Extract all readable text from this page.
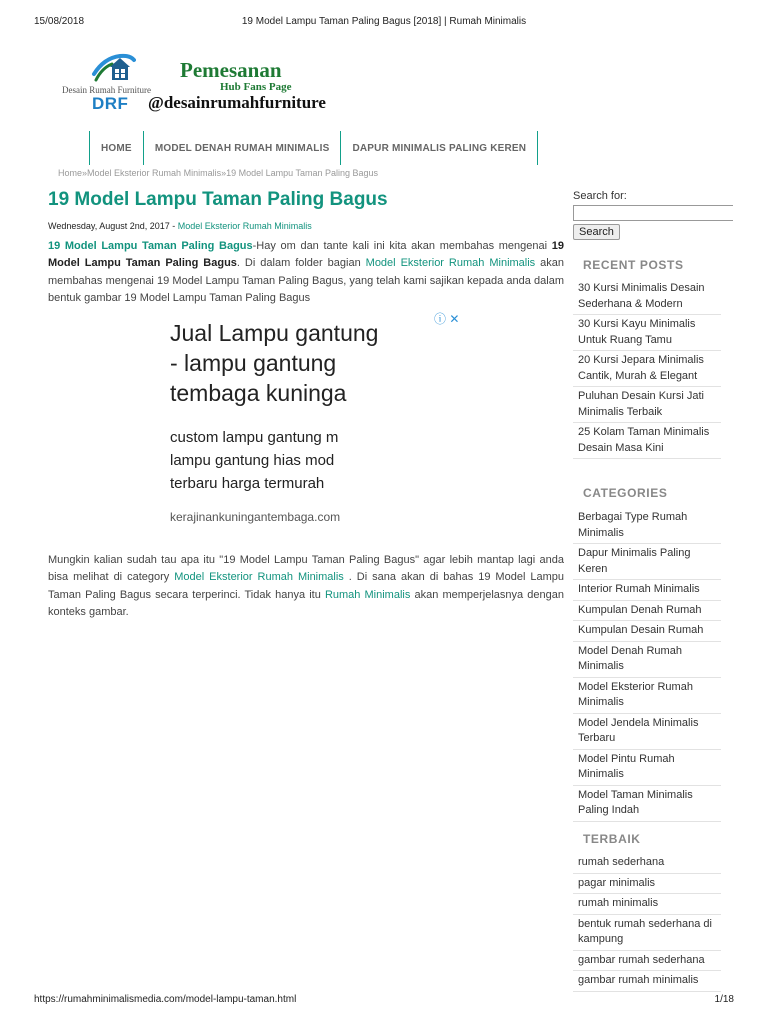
15/08/2018	19 Model Lampu Taman Paling Bagus [2018] | Rumah Minimalis
Desain Rumah Furniture
DRF
Pemesanan
Hub Fans Page
@desainrumahfurniture
HOME	MODEL DENAH RUMAH MINIMALIS	DAPUR MINIMALIS PALING KEREN
Home»Model Eksterior Rumah Minimalis»19 Model Lampu Taman Paling Bagus
19 Model Lampu Taman Paling Bagus
Wednesday, August 2nd, 2017 - Model Eksterior Rumah Minimalis

19 Model Lampu Taman Paling Bagus-Hay om dan tante kali ini kita akan membahas mengenai 19 Model Lampu Taman Paling Bagus. Di dalam folder bagian Model Eksterior Rumah Minimalis akan membahas mengenai 19 Model Lampu Taman Paling Bagus, yang telah kami sajikan kepada anda dalam bentuk gambar 19 Model Lampu Taman Paling Bagus

ⓘ ✕
Jual Lampu gantung
- lampu gantung
tembaga kuninga
custom lampu gantung m
lampu gantung hias mod
terbaru harga termurah
kerajinankuningantembaga.com

Mungkin kalian sudah tau apa itu "19 Model Lampu Taman Paling Bagus" agar lebih mantap lagi anda bisa melihat di category Model Eksterior Rumah Minimalis . Di sana akan di bahas 19 Model Lampu Taman Paling Bagus secara terperinci. Tidak hanya itu Rumah Minimalis akan memperjelasnya dengan konteks gambar.

Search for:
Search
RECENT POSTS
30 Kursi Minimalis Desain Sederhana & Modern
30 Kursi Kayu Minimalis Untuk Ruang Tamu
20 Kursi Jepara Minimalis Cantik, Murah & Elegant
Puluhan Desain Kursi Jati Minimalis Terbaik
25 Kolam Taman Minimalis Desain Masa Kini
CATEGORIES
Berbagai Type Rumah Minimalis
Dapur Minimalis Paling Keren
Interior Rumah Minimalis
Kumpulan Denah Rumah
Kumpulan Desain Rumah
Model Denah Rumah Minimalis
Model Eksterior Rumah Minimalis
Model Jendela Minimalis Terbaru
Model Pintu Rumah Minimalis
Model Taman Minimalis Paling Indah
TERBAIK
rumah sederhana
pagar minimalis
rumah minimalis
bentuk rumah sederhana di kampung
gambar rumah sederhana
gambar rumah minimalis
https://rumahminimalismedia.com/model-lampu-taman.html	1/18
